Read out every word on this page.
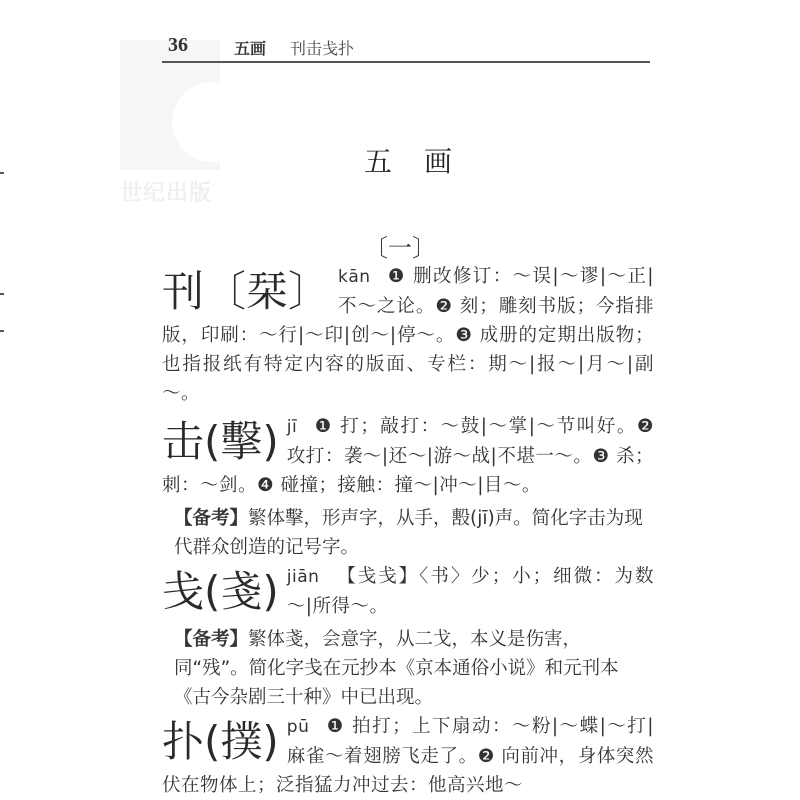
世纪出版
36	五画 刊击戋扑
五画
〔一〕
刊〔栞〕 kān ❶ 删改修订：～误|～谬|～正|不～之论。❷ 刻；雕刻书版；今指排版，印刷：～行|～印|创～|停～。❸ 成册的定期出版物；也指报纸有特定内容的版面、专栏：期～|报～|月～|副～。
击(擊) jī ❶ 打；敲打：～鼓|～掌|～节叫好。❷ 攻打：袭～|还～|游～战|不堪一～。❸ 杀；刺：～剑。❹ 碰撞；接触：撞～|冲～|目～。
【备考】繁体擊，形声字，从手，毄(jī)声。简化字击为现代群众创造的记号字。
戋(戔) jiān 【戋戋】〈书〉少；小；细微：为数～|所得～。
【备考】繁体戔，会意字，从二戈，本义是伤害，同“残”。简化字戋在元抄本《京本通俗小说》和元刊本《古今杂剧三十种》中已出现。
扑(撲) pū ❶ 拍打；上下扇动：～粉|～蝶|～打|麻雀～着翅膀飞走了。❷ 向前冲，身体突然伏在物体上；泛指猛力冲过去：他高兴地～
